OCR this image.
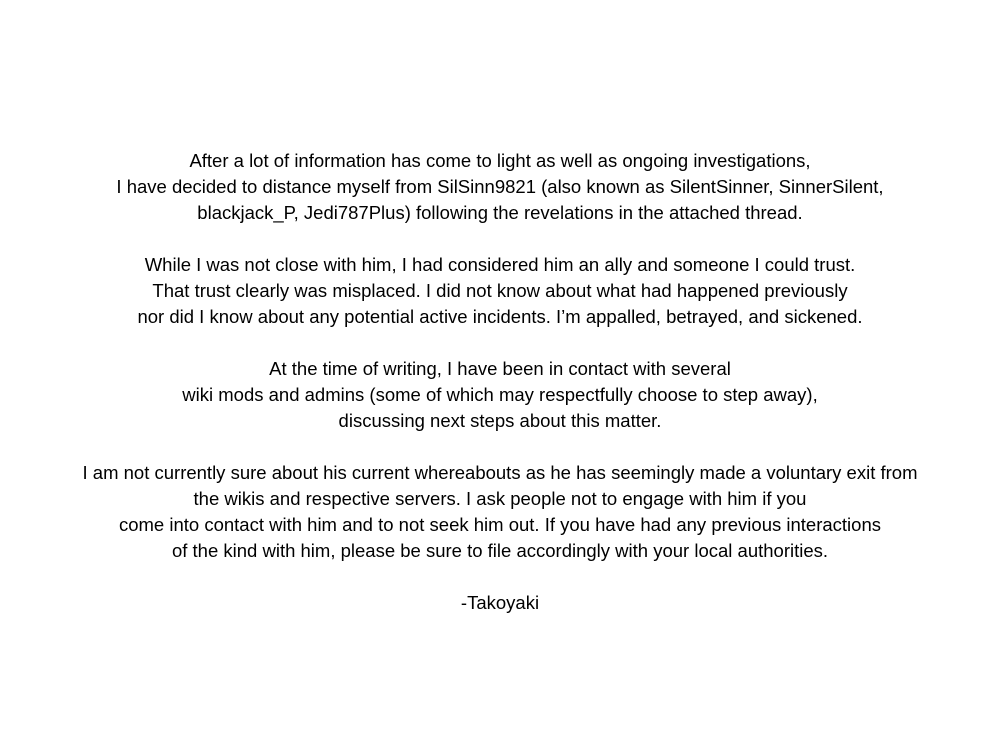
After a lot of information has come to light as well as ongoing investigations,
I have decided to distance myself from SilSinn9821 (also known as SilentSinner, SinnerSilent,
blackjack_P, Jedi787Plus) following the revelations in the attached thread.

While I was not close with him, I had considered him an ally and someone I could trust.
That trust clearly was misplaced. I did not know about what had happened previously
nor did I know about any potential active incidents. I’m appalled, betrayed, and sickened.

At the time of writing, I have been in contact with several
wiki mods and admins (some of which may respectfully choose to step away),
discussing next steps about this matter.

I am not currently sure about his current whereabouts as he has seemingly made a voluntary exit from
the wikis and respective servers. I ask people not to engage with him if you
come into contact with him and to not seek him out. If you have had any previous interactions
of the kind with him, please be sure to file accordingly with your local authorities.

-Takoyaki
